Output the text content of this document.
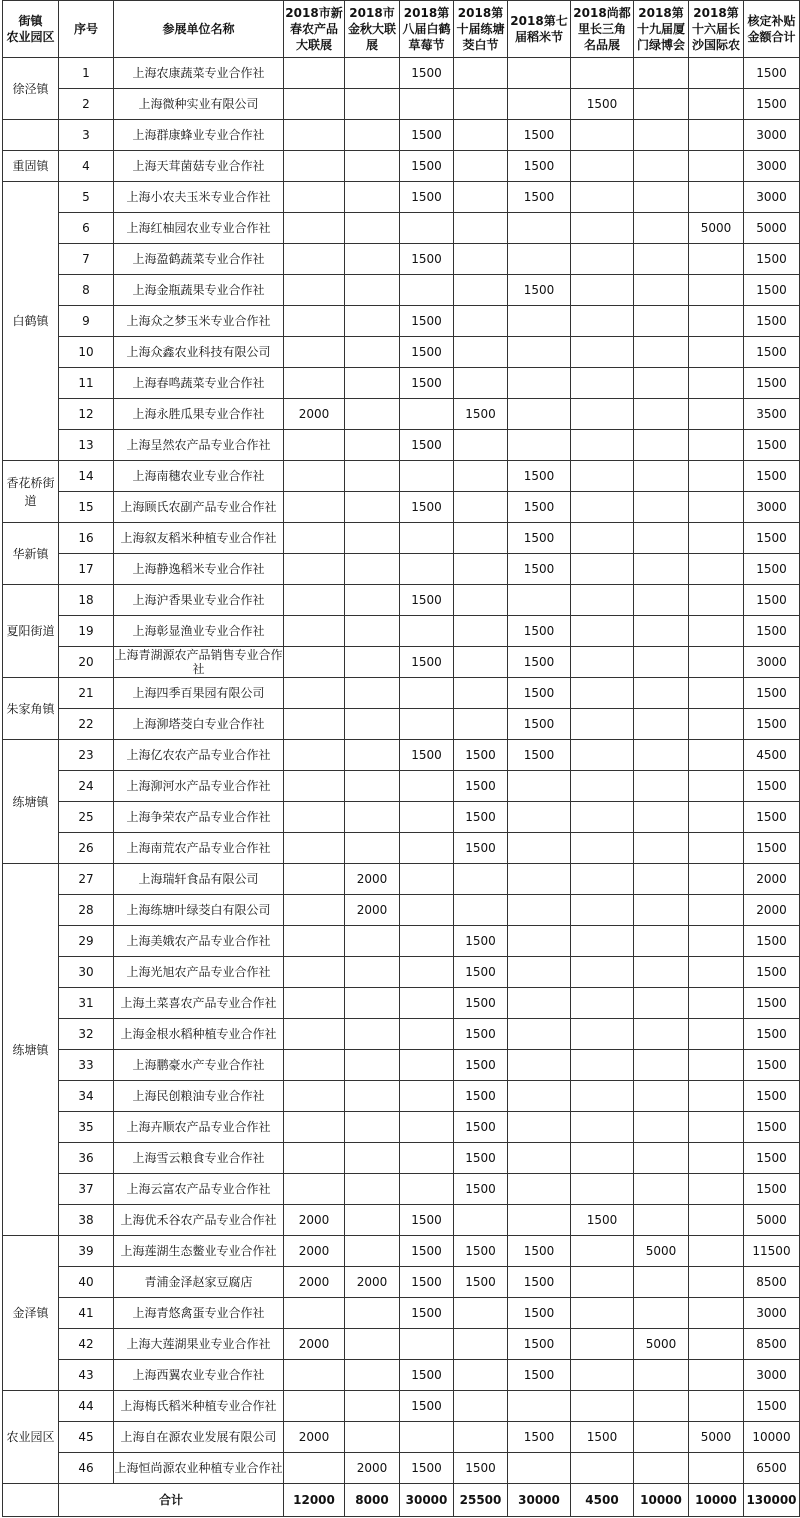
街镇
农业园区	序号	参展单位名称	2018市新
春农产品
大联展	2018市
金秋大联
展	2018第
八届白鹤
草莓节	2018第
十届练塘
茭白节	2018第七
届稻米节	2018尚都
里长三角
名品展	2018第
十九届厦
门绿博会	2018第
十六届长
沙国际农	核定补贴
金额合计
徐泾镇	1	上海农康蔬菜专业合作社			1500						1500
	2	上海微种实业有限公司						1500			1500
	3	上海群康蜂业专业合作社			1500		1500				3000
重固镇	4	上海天茸菌菇专业合作社			1500		1500				3000
白鹤镇	5	上海小农夫玉米专业合作社			1500		1500				3000
	6	上海红柚园农业专业合作社								5000	5000
	7	上海盈鹤蔬菜专业合作社			1500						1500
	8	上海金瓶蔬果专业合作社					1500				1500
	9	上海众之梦玉米专业合作社			1500						1500
	10	上海众鑫农业科技有限公司			1500						1500
	11	上海春鸣蔬菜专业合作社			1500						1500
	12	上海永胜瓜果专业合作社	2000			1500					3500
	13	上海呈然农产品专业合作社			1500						1500
香花桥街
道	14	上海南穗农业专业合作社					1500				1500
	15	上海顾氏农副产品专业合作社			1500		1500				3000
华新镇	16	上海叙友稻米种植专业合作社					1500				1500
	17	上海静逸稻米专业合作社					1500				1500
夏阳街道	18	上海沪香果业专业合作社			1500						1500
	19	上海彰显渔业专业合作社					1500				1500
	20	上海青湖源农产品销售专业合作
社			1500		1500				3000
朱家角镇	21	上海四季百果园有限公司					1500				1500
	22	上海泖塔茭白专业合作社					1500				1500
练塘镇	23	上海亿农农产品专业合作社			1500	1500	1500				4500
	24	上海泖河水产品专业合作社				1500					1500
	25	上海争荣农产品专业合作社				1500					1500
	26	上海南荒农产品专业合作社				1500					1500
练塘镇	27	上海瑞轩食品有限公司		2000							2000
	28	上海练塘叶绿茭白有限公司		2000							2000
	29	上海美娥农产品专业合作社				1500					1500
	30	上海光旭农产品专业合作社				1500					1500
	31	上海土菜喜农产品专业合作社				1500					1500
	32	上海金根水稻种植专业合作社				1500					1500
	33	上海鹏豪水产专业合作社				1500					1500
	34	上海民创粮油专业合作社				1500					1500
	35	上海卉顺农产品专业合作社				1500					1500
	36	上海雪云粮食专业合作社				1500					1500
	37	上海云富农产品专业合作社				1500					1500
	38	上海优禾谷农产品专业合作社	2000		1500			1500			5000
金泽镇	39	上海莲湖生态鳖业专业合作社	2000		1500	1500	1500		5000		11500
	40	青浦金泽赵家豆腐店	2000	2000	1500	1500	1500				8500
	41	上海青悠禽蛋专业合作社			1500		1500				3000
	42	上海大莲湖果业专业合作社	2000				1500		5000		8500
	43	上海西翼农业专业合作社			1500		1500				3000
农业园区	44	上海梅氏稻米种植专业合作社			1500						1500
	45	上海自在源农业发展有限公司	2000				1500	1500		5000	10000
	46	上海恒尚源农业种植专业合作社		2000	1500	1500					6500
	合计		12000	8000	30000	25500	30000	4500	10000	10000	130000
